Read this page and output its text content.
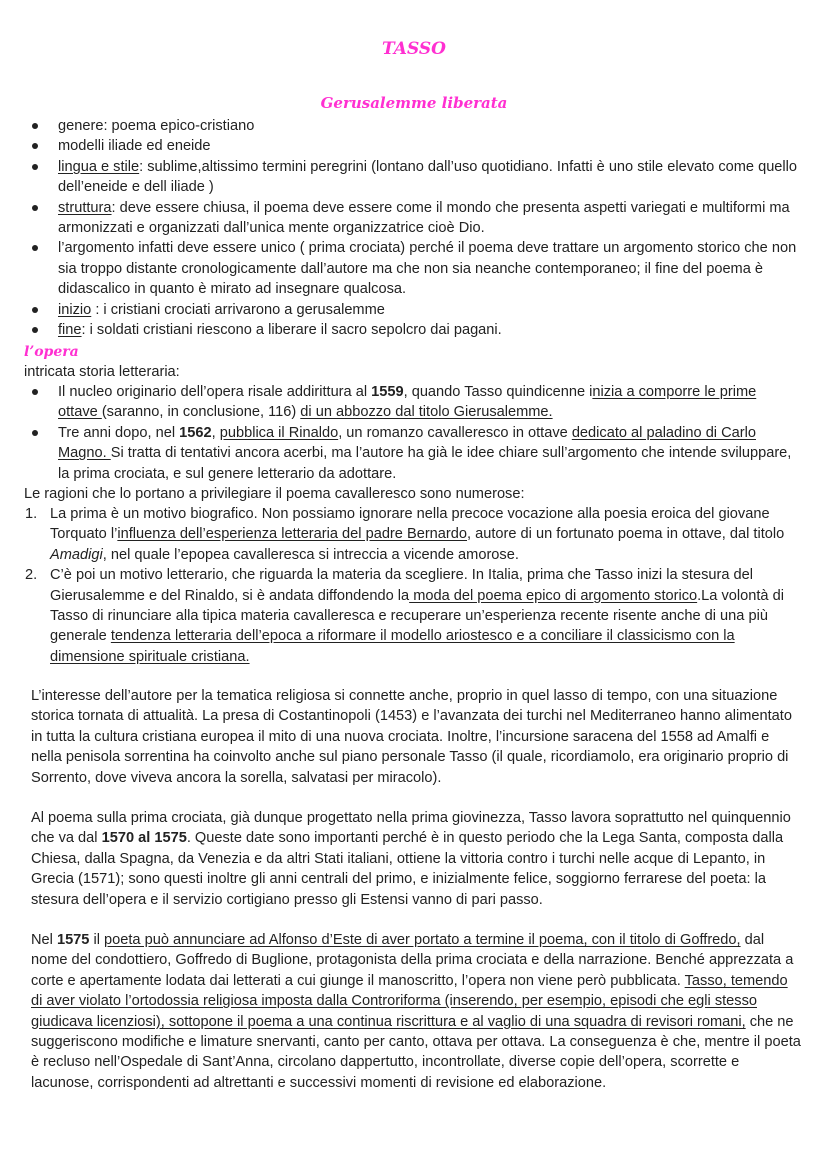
TASSO
Gerusalemme liberata
genere: poema epico-cristiano
modelli iliade ed eneide
lingua e stile: sublime,altissimo termini peregrini (lontano dall’uso quotidiano. Infatti è uno stile elevato come quello dell’eneide e dell iliade )
struttura: deve essere chiusa, il poema deve essere come il mondo che presenta aspetti variegati e multiformi ma armonizzati e organizzati dall’unica mente organizzatrice cioè Dio.
l’argomento infatti deve essere unico ( prima crociata) perché il poema deve trattare un argomento storico che non sia troppo distante cronologicamente dall’autore ma che non sia neanche contemporaneo; il fine del poema è didascalico in quanto è mirato ad insegnare qualcosa.
inizio : i cristiani crociati arrivarono a gerusalemme
fine: i soldati cristiani riescono a liberare il sacro sepolcro dai pagani.
l’opera
intricata storia letteraria:
Il nucleo originario dell’opera risale addirittura al 1559, quando Tasso quindicenne inizia a comporre le prime ottave (saranno, in conclusione, 116) di un abbozzo dal titolo Gierusalemme.
Tre anni dopo, nel 1562, pubblica il Rinaldo, un romanzo cavalleresco in ottave dedicato al paladino di Carlo Magno. Si tratta di tentativi ancora acerbi, ma l’autore ha già le idee chiare sull’argomento che intende sviluppare, la prima crociata, e sul genere letterario da adottare.
Le ragioni che lo portano a privilegiare il poema cavalleresco sono numerose:
1. La prima è un motivo biografico. Non possiamo ignorare nella precoce vocazione alla poesia eroica del giovane Torquato l’influenza dell’esperienza letteraria del padre Bernardo, autore di un fortunato poema in ottave, dal titolo Amadigi, nel quale l’epopea cavalleresca si intreccia a vicende amorose.
2. C’è poi un motivo letterario, che riguarda la materia da scegliere. In Italia, prima che Tasso inizi la stesura del Gierusalemme e del Rinaldo, si è andata diffondendo la moda del poema epico di argomento storico.La volontà di Tasso di rinunciare alla tipica materia cavalleresca e recuperare un’esperienza recente risente anche di una più generale tendenza letteraria dell’epoca a riformare il modello ariostesco e a conciliare il classicismo con la dimensione spirituale cristiana.

L’interesse dell’autore per la tematica religiosa si connette anche, proprio in quel lasso di tempo, con una situazione storica tornata di attualità. La presa di Costantinopoli (1453) e l’avanzata dei turchi nel Mediterraneo hanno alimentato in tutta la cultura cristiana europea il mito di una nuova crociata. Inoltre, l’incursione saracena del 1558 ad Amalfi e nella penisola sorrentina ha coinvolto anche sul piano personale Tasso (il quale, ricordiamolo, era originario proprio di Sorrento, dove viveva ancora la sorella, salvatasi per miracolo).

Al poema sulla prima crociata, già dunque progettato nella prima giovinezza, Tasso lavora soprattutto nel quinquennio che va dal 1570 al 1575. Queste date sono importanti perché è in questo periodo che la Lega Santa, composta dalla Chiesa, dalla Spagna, da Venezia e da altri Stati italiani, ottiene la vittoria contro i turchi nelle acque di Lepanto, in Grecia (1571); sono questi inoltre gli anni centrali del primo, e inizialmente felice, soggiorno ferrarese del poeta: la stesura dell’opera e il servizio cortigiano presso gli Estensi vanno di pari passo.

Nel 1575 il poeta può annunciare ad Alfonso d’Este di aver portato a termine il poema, con il titolo di Goffredo, dal nome del condottiero, Goffredo di Buglione, protagonista della prima crociata e della narrazione. Benché apprezzata a corte e apertamente lodata dai letterati a cui giunge il manoscritto, l’opera non viene però pubblicata. Tasso, temendo di aver violato l’ortodossia religiosa imposta dalla Controriforma (inserendo, per esempio, episodi che egli stesso giudicava licenziosi), sottopone il poema a una continua riscrittura e al vaglio di una squadra di revisori romani, che ne suggeriscono modifiche e limature snervanti, canto per canto, ottava per ottava. La conseguenza è che, mentre il poeta è recluso nell’Ospedale di Sant’Anna, circolano dappertutto, incontrollate, diverse copie dell’opera, scorrette e lacunose, corrispondenti ad altrettanti e successivi momenti di revisione ed elaborazione.
